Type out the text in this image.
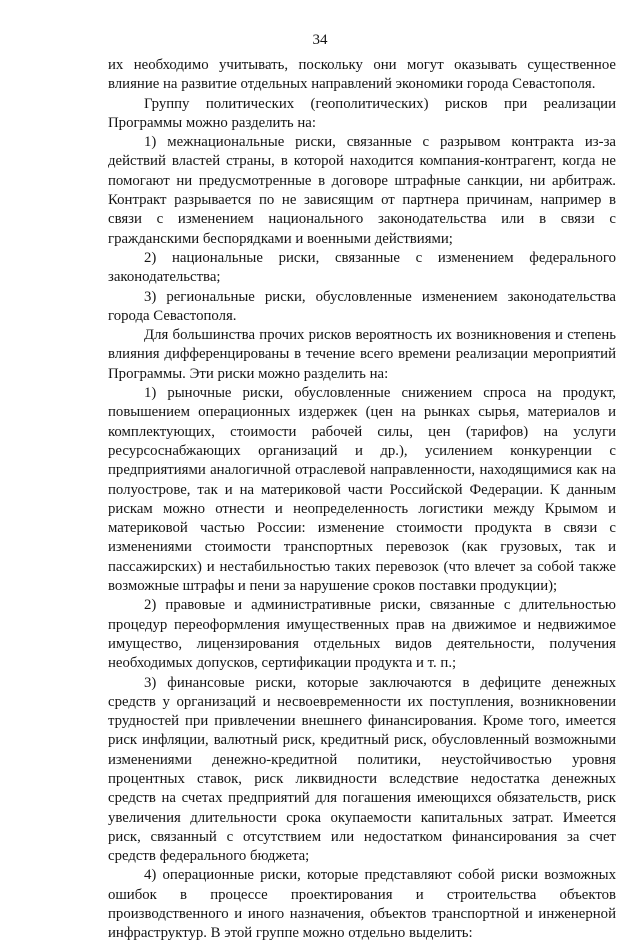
34

их необходимо учитывать, поскольку они могут оказывать существенное влияние на развитие отдельных направлений экономики города Севастополя.

Группу политических (геополитических) рисков при реализации Программы можно разделить на:

1) межнациональные риски, связанные с разрывом контракта из-за действий властей страны, в которой находится компания-контрагент, когда не помогают ни предусмотренные в договоре штрафные санкции, ни арбитраж. Контракт разрывается по не зависящим от партнера причинам, например в связи с изменением национального законодательства или в связи с гражданскими беспорядками и военными действиями;

2) национальные риски, связанные с изменением федерального законодательства;

3) региональные риски, обусловленные изменением законодательства города Севастополя.

Для большинства прочих рисков вероятность их возникновения и степень влияния дифференцированы в течение всего времени реализации мероприятий Программы. Эти риски можно разделить на:

1) рыночные риски, обусловленные снижением спроса на продукт, повышением операционных издержек (цен на рынках сырья, материалов и комплектующих, стоимости рабочей силы, цен (тарифов) на услуги ресурсоснабжающих организаций и др.), усилением конкуренции с предприятиями аналогичной отраслевой направленности, находящимися как на полуострове, так и на материковой части Российской Федерации. К данным рискам можно отнести и неопределенность логистики между Крымом и материковой частью России: изменение стоимости продукта в связи с изменениями стоимости транспортных перевозок (как грузовых, так и пассажирских) и нестабильностью таких перевозок (что влечет за собой также возможные штрафы и пени за нарушение сроков поставки продукции);

2) правовые и административные риски, связанные с длительностью процедур переоформления имущественных прав на движимое и недвижимое имущество, лицензирования отдельных видов деятельности, получения необходимых допусков, сертификации продукта и т. п.;

3) финансовые риски, которые заключаются в дефиците денежных средств у организаций и несвоевременности их поступления, возникновении трудностей при привлечении внешнего финансирования. Кроме того, имеется риск инфляции, валютный риск, кредитный риск, обусловленный возможными изменениями денежно-кредитной политики, неустойчивостью уровня процентных ставок, риск ликвидности вследствие недостатка денежных средств на счетах предприятий для погашения имеющихся обязательств, риск увеличения длительности срока окупаемости капитальных затрат. Имеется риск, связанный с отсутствием или недостатком финансирования за счет средств федерального бюджета;

4) операционные риски, которые представляют собой риски возможных ошибок в процессе проектирования и строительства объектов производственного и иного назначения, объектов транспортной и инженерной инфраструктур. В этой группе можно отдельно выделить:
